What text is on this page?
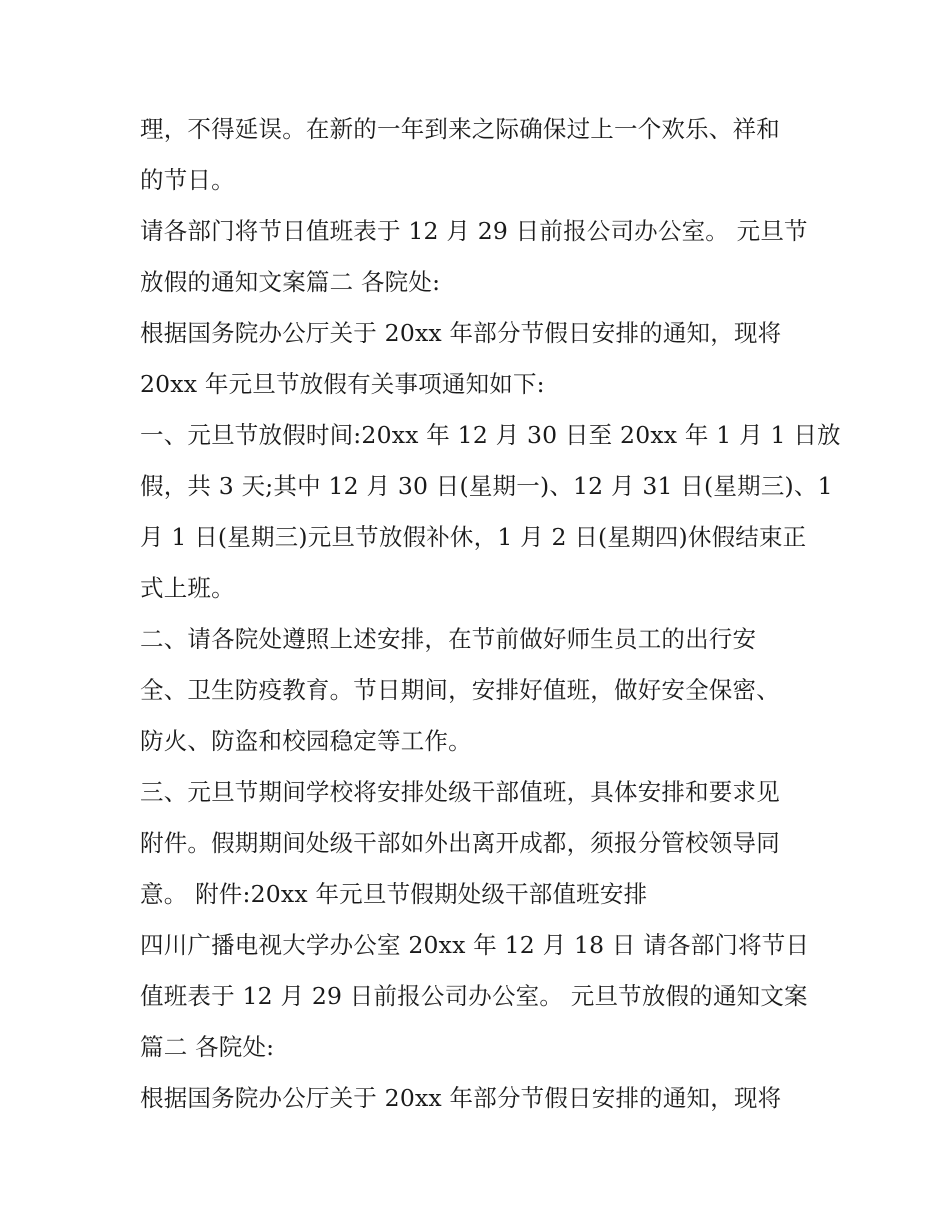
理，不得延误。在新的一年到来之际确保过上一个欢乐、祥和
的节日。
请各部门将节日值班表于 12 月 29 日前报公司办公室。 元旦节
放假的通知文案篇二 各院处:
根据国务院办公厅关于 20xx 年部分节假日安排的通知，现将
20xx 年元旦节放假有关事项通知如下:
一、元旦节放假时间:20xx 年 12 月 30 日至 20xx 年 1 月 1 日放
假，共 3 天;其中 12 月 30 日(星期一)、12 月 31 日(星期三)、1
月 1 日(星期三)元旦节放假补休，1 月 2 日(星期四)休假结束正
式上班。
二、请各院处遵照上述安排，在节前做好师生员工的出行安
全、卫生防疫教育。节日期间，安排好值班，做好安全保密、
防火、防盗和校园稳定等工作。
三、元旦节期间学校将安排处级干部值班，具体安排和要求见
附件。假期期间处级干部如外出离开成都，须报分管校领导同
意。 附件:20xx 年元旦节假期处级干部值班安排
四川广播电视大学办公室 20xx 年 12 月 18 日 请各部门将节日
值班表于 12 月 29 日前报公司办公室。 元旦节放假的通知文案
篇二 各院处:
根据国务院办公厅关于 20xx 年部分节假日安排的通知，现将
